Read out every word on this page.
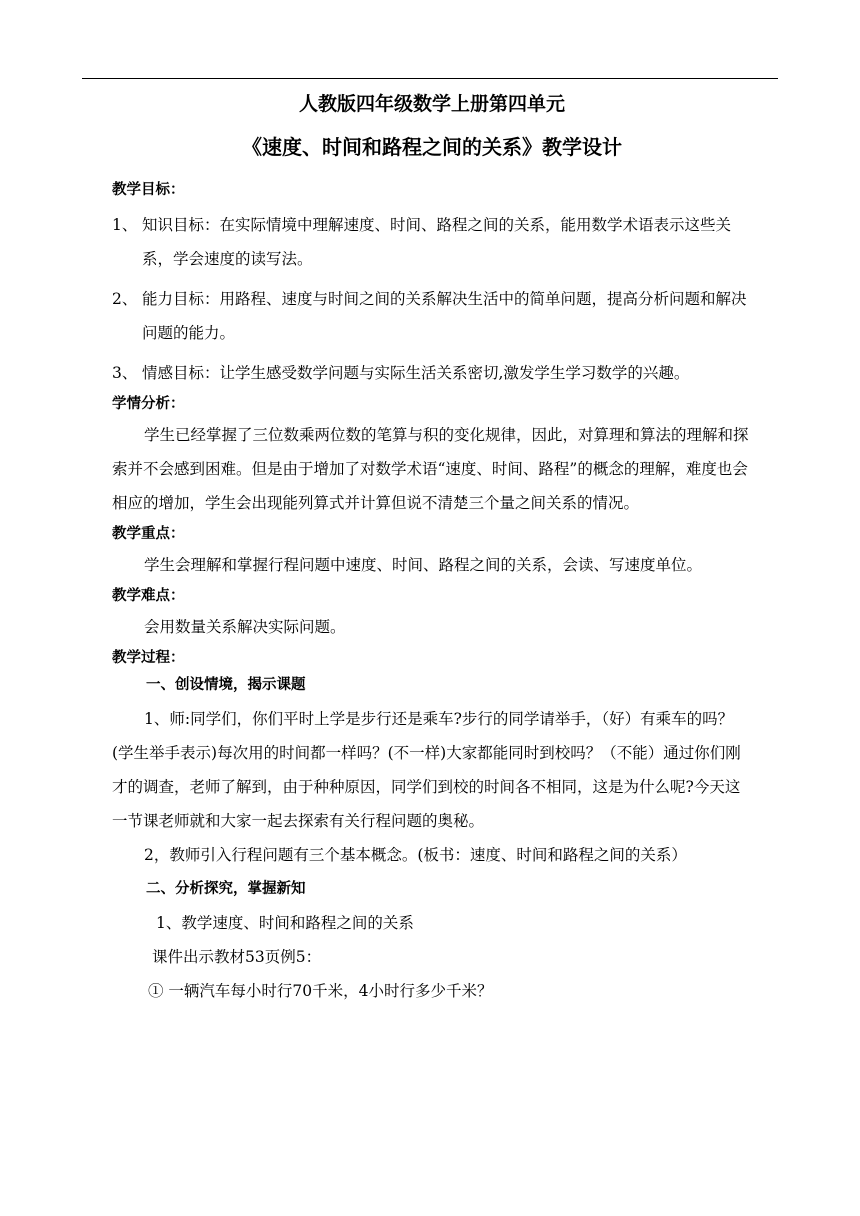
人教版四年级数学上册第四单元
《速度、时间和路程之间的关系》教学设计
教学目标：
1、 知识目标：在实际情境中理解速度、时间、路程之间的关系，能用数学术语表示这些关系，学会速度的读写法。
2、 能力目标：用路程、速度与时间之间的关系解决生活中的简单问题，提高分析问题和解决问题的能力。
3、 情感目标：让学生感受数学问题与实际生活关系密切,激发学生学习数学的兴趣。
学情分析：
学生已经掌握了三位数乘两位数的笔算与积的变化规律，因此，对算理和算法的理解和探索并不会感到困难。但是由于增加了对数学术语“速度、时间、路程”的概念的理解，难度也会相应的增加，学生会出现能列算式并计算但说不清楚三个量之间关系的情况。
教学重点：
学生会理解和掌握行程问题中速度、时间、路程之间的关系，会读、写速度单位。
教学难点：
会用数量关系解决实际问题。
教学过程：
一、创设情境，揭示课题
1、师:同学们，你们平时上学是步行还是乘车?步行的同学请举手，（好）有乘车的吗？(学生举手表示)每次用的时间都一样吗？(不一样)大家都能同时到校吗？（不能）通过你们刚才的调查，老师了解到，由于种种原因，同学们到校的时间各不相同，这是为什么呢?今天这一节课老师就和大家一起去探索有关行程问题的奥秘。
2，教师引入行程问题有三个基本概念。(板书：速度、时间和路程之间的关系）
二、分析探究，掌握新知
1、教学速度、时间和路程之间的关系
课件出示教材53页例5：
① 一辆汽车每小时行70千米，4小时行多少千米？
